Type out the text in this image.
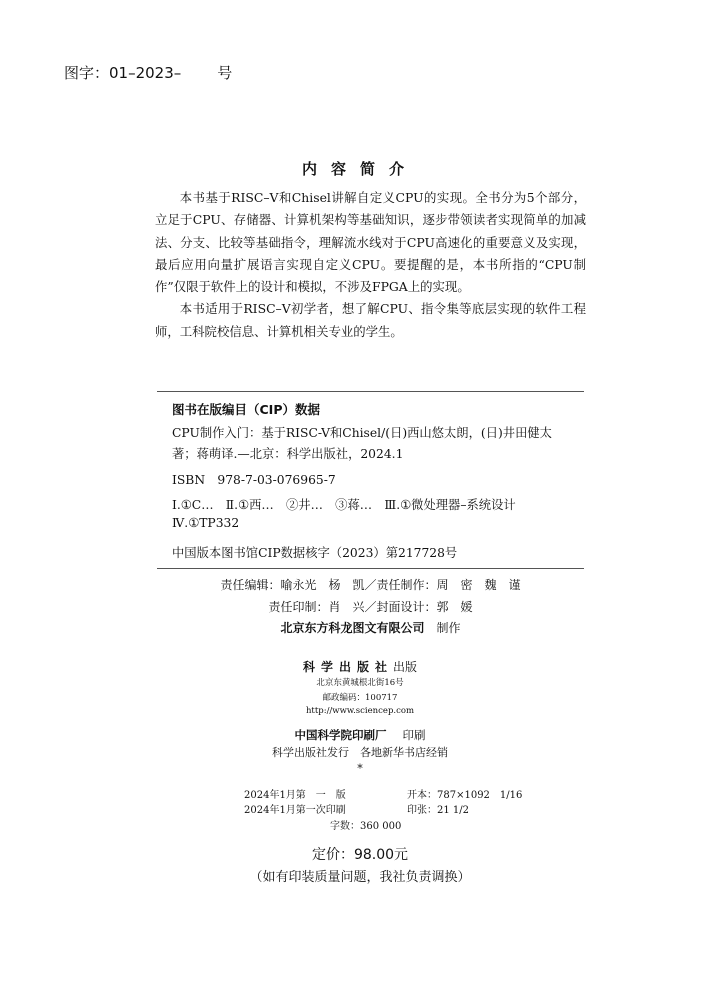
图字：01–2023– 号
内容简介

本书基于RISC–V和Chisel讲解自定义CPU的实现。全书分为5个部分，立足于CPU、存储器、计算机架构等基础知识，逐步带领读者实现简单的加减法、分支、比较等基础指令，理解流水线对于CPU高速化的重要意义及实现，最后应用向量扩展语言实现自定义CPU。要提醒的是，本书所指的“CPU制作”仅限于软件上的设计和模拟，不涉及FPGA上的实现。

本书适用于RISC–V初学者，想了解CPU、指令集等底层实现的软件工程师，工科院校信息、计算机相关专业的学生。

图书在版编目（CIP）数据
CPU制作入门：基于RISC-V和Chisel/(日)西山悠太朗，(日)井田健太
著；蒋萌译.—北京：科学出版社，2024.1
ISBN　978-7-03-076965-7
Ⅰ.①C…　Ⅱ.①西…　②井…　③蒋…　Ⅲ.①微处理器–系统设计
Ⅳ.①TP332
中国版本图书馆CIP数据核字（2023）第217728号
责任编辑：喻永光　杨　凯／责任制作：周　密　魏　谨
责任印制：肖　兴／封面设计：郭　媛
北京东方科龙图文有限公司　 制作
科学出版社出版
北京东黄城根北街16号
邮政编码：100717
http://www.sciencep.com
中国科学院印刷厂　 印刷
科学出版社发行　各地新华书店经销
*
2024年1月第　一　版	开本：787×1092　1/16
2024年1月第一次印刷	印张：21 1/2
字数：360 000
定价：98.00元
（如有印装质量问题，我社负责调换）
